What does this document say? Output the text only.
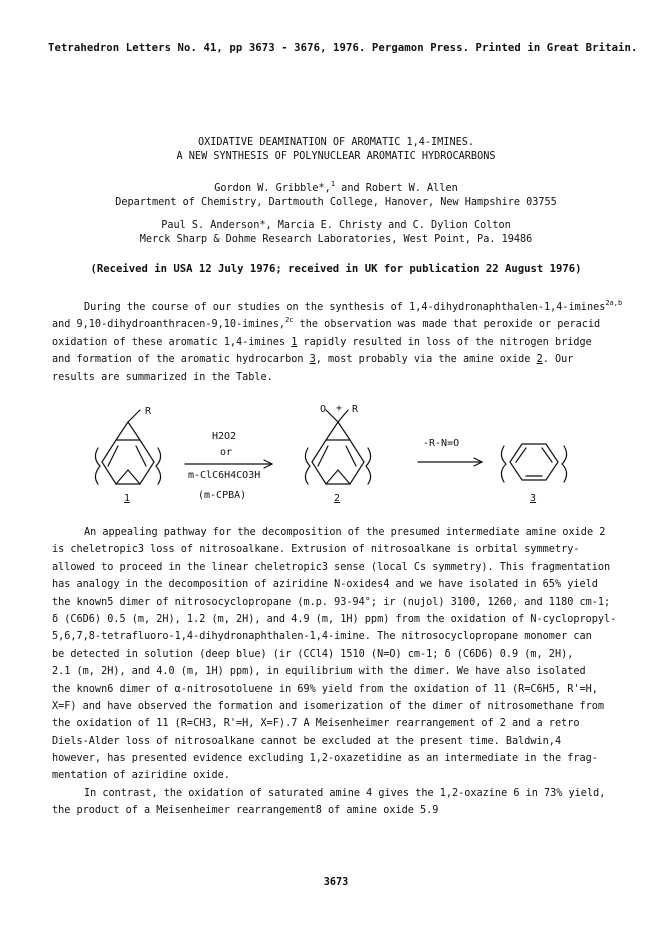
Tetrahedron Letters No. 41, pp 3673 - 3676, 1976. Pergamon Press. Printed in Great Britain.
OXIDATIVE DEAMINATION OF AROMATIC 1,4-IMINES.
A NEW SYNTHESIS OF POLYNUCLEAR AROMATIC HYDROCARBONS
Gordon W. Gribble*,$^1$ and Robert W. Allen
Department of Chemistry, Dartmouth College, Hanover, New Hampshire 03755
Paul S. Anderson*, Marcia E. Christy and C. Dylion Colton
Merck Sharp & Dohme Research Laboratories, West Point, Pa. 19486
(Received in USA 12 July 1976; received in UK for publication 22 August 1976)
During the course of our studies on the synthesis of 1,4-dihydronaphthalen-1,4-imines$^{2a,b}$
and 9,10-dihydroanthracen-9,10-imines,$^{2c}$ the observation was made that peroxide or peracid
oxidation of these aromatic 1,4-imines 1 rapidly resulted in loss of the nitrogen bridge
and formation of the aromatic hydrocarbon 3, most probably via the amine oxide 2. Our
results are summarized in the Table.
R	O + R
H2O2
or
m-ClC6H4CO3H
(m-CPBA)
-R-N=O
1	2	3
An appealing pathway for the decomposition of the presumed intermediate amine oxide 2
is cheletropic3 loss of nitrosoalkane. Extrusion of nitrosoalkane is orbital symmetry-
allowed to proceed in the linear cheletropic3 sense (local Cs symmetry). This fragmentation
has analogy in the decomposition of aziridine N-oxides4 and we have isolated in 65% yield
the known5 dimer of nitrosocyclopropane (m.p. 93-94°; ir (nujol) 3100, 1260, and 1180 cm-1;
δ (C6D6) 0.5 (m, 2H), 1.2 (m, 2H), and 4.9 (m, 1H) ppm) from the oxidation of N-cyclopropyl-
5,6,7,8-tetrafluoro-1,4-dihydronaphthalen-1,4-imine. The nitrosocyclopropane monomer can
be detected in solution (deep blue) (ir (CCl4) 1510 (N=O) cm-1; δ (C6D6) 0.9 (m, 2H),
2.1 (m, 2H), and 4.0 (m, 1H) ppm), in equilibrium with the dimer. We have also isolated
the known6 dimer of α-nitrosotoluene in 69% yield from the oxidation of 11 (R=C6H5, R'=H,
X=F) and have observed the formation and isomerization of the dimer of nitrosomethane from
the oxidation of 11 (R=CH3, R'=H, X=F).7 A Meisenheimer rearrangement of 2 and a retro
Diels-Alder loss of nitrosoalkane cannot be excluded at the present time. Baldwin,4
however, has presented evidence excluding 1,2-oxazetidine as an intermediate in the frag-
mentation of aziridine oxide.
In contrast, the oxidation of saturated amine 4 gives the 1,2-oxazine 6 in 73% yield,
the product of a Meisenheimer rearrangement8 of amine oxide 5.9
3673
